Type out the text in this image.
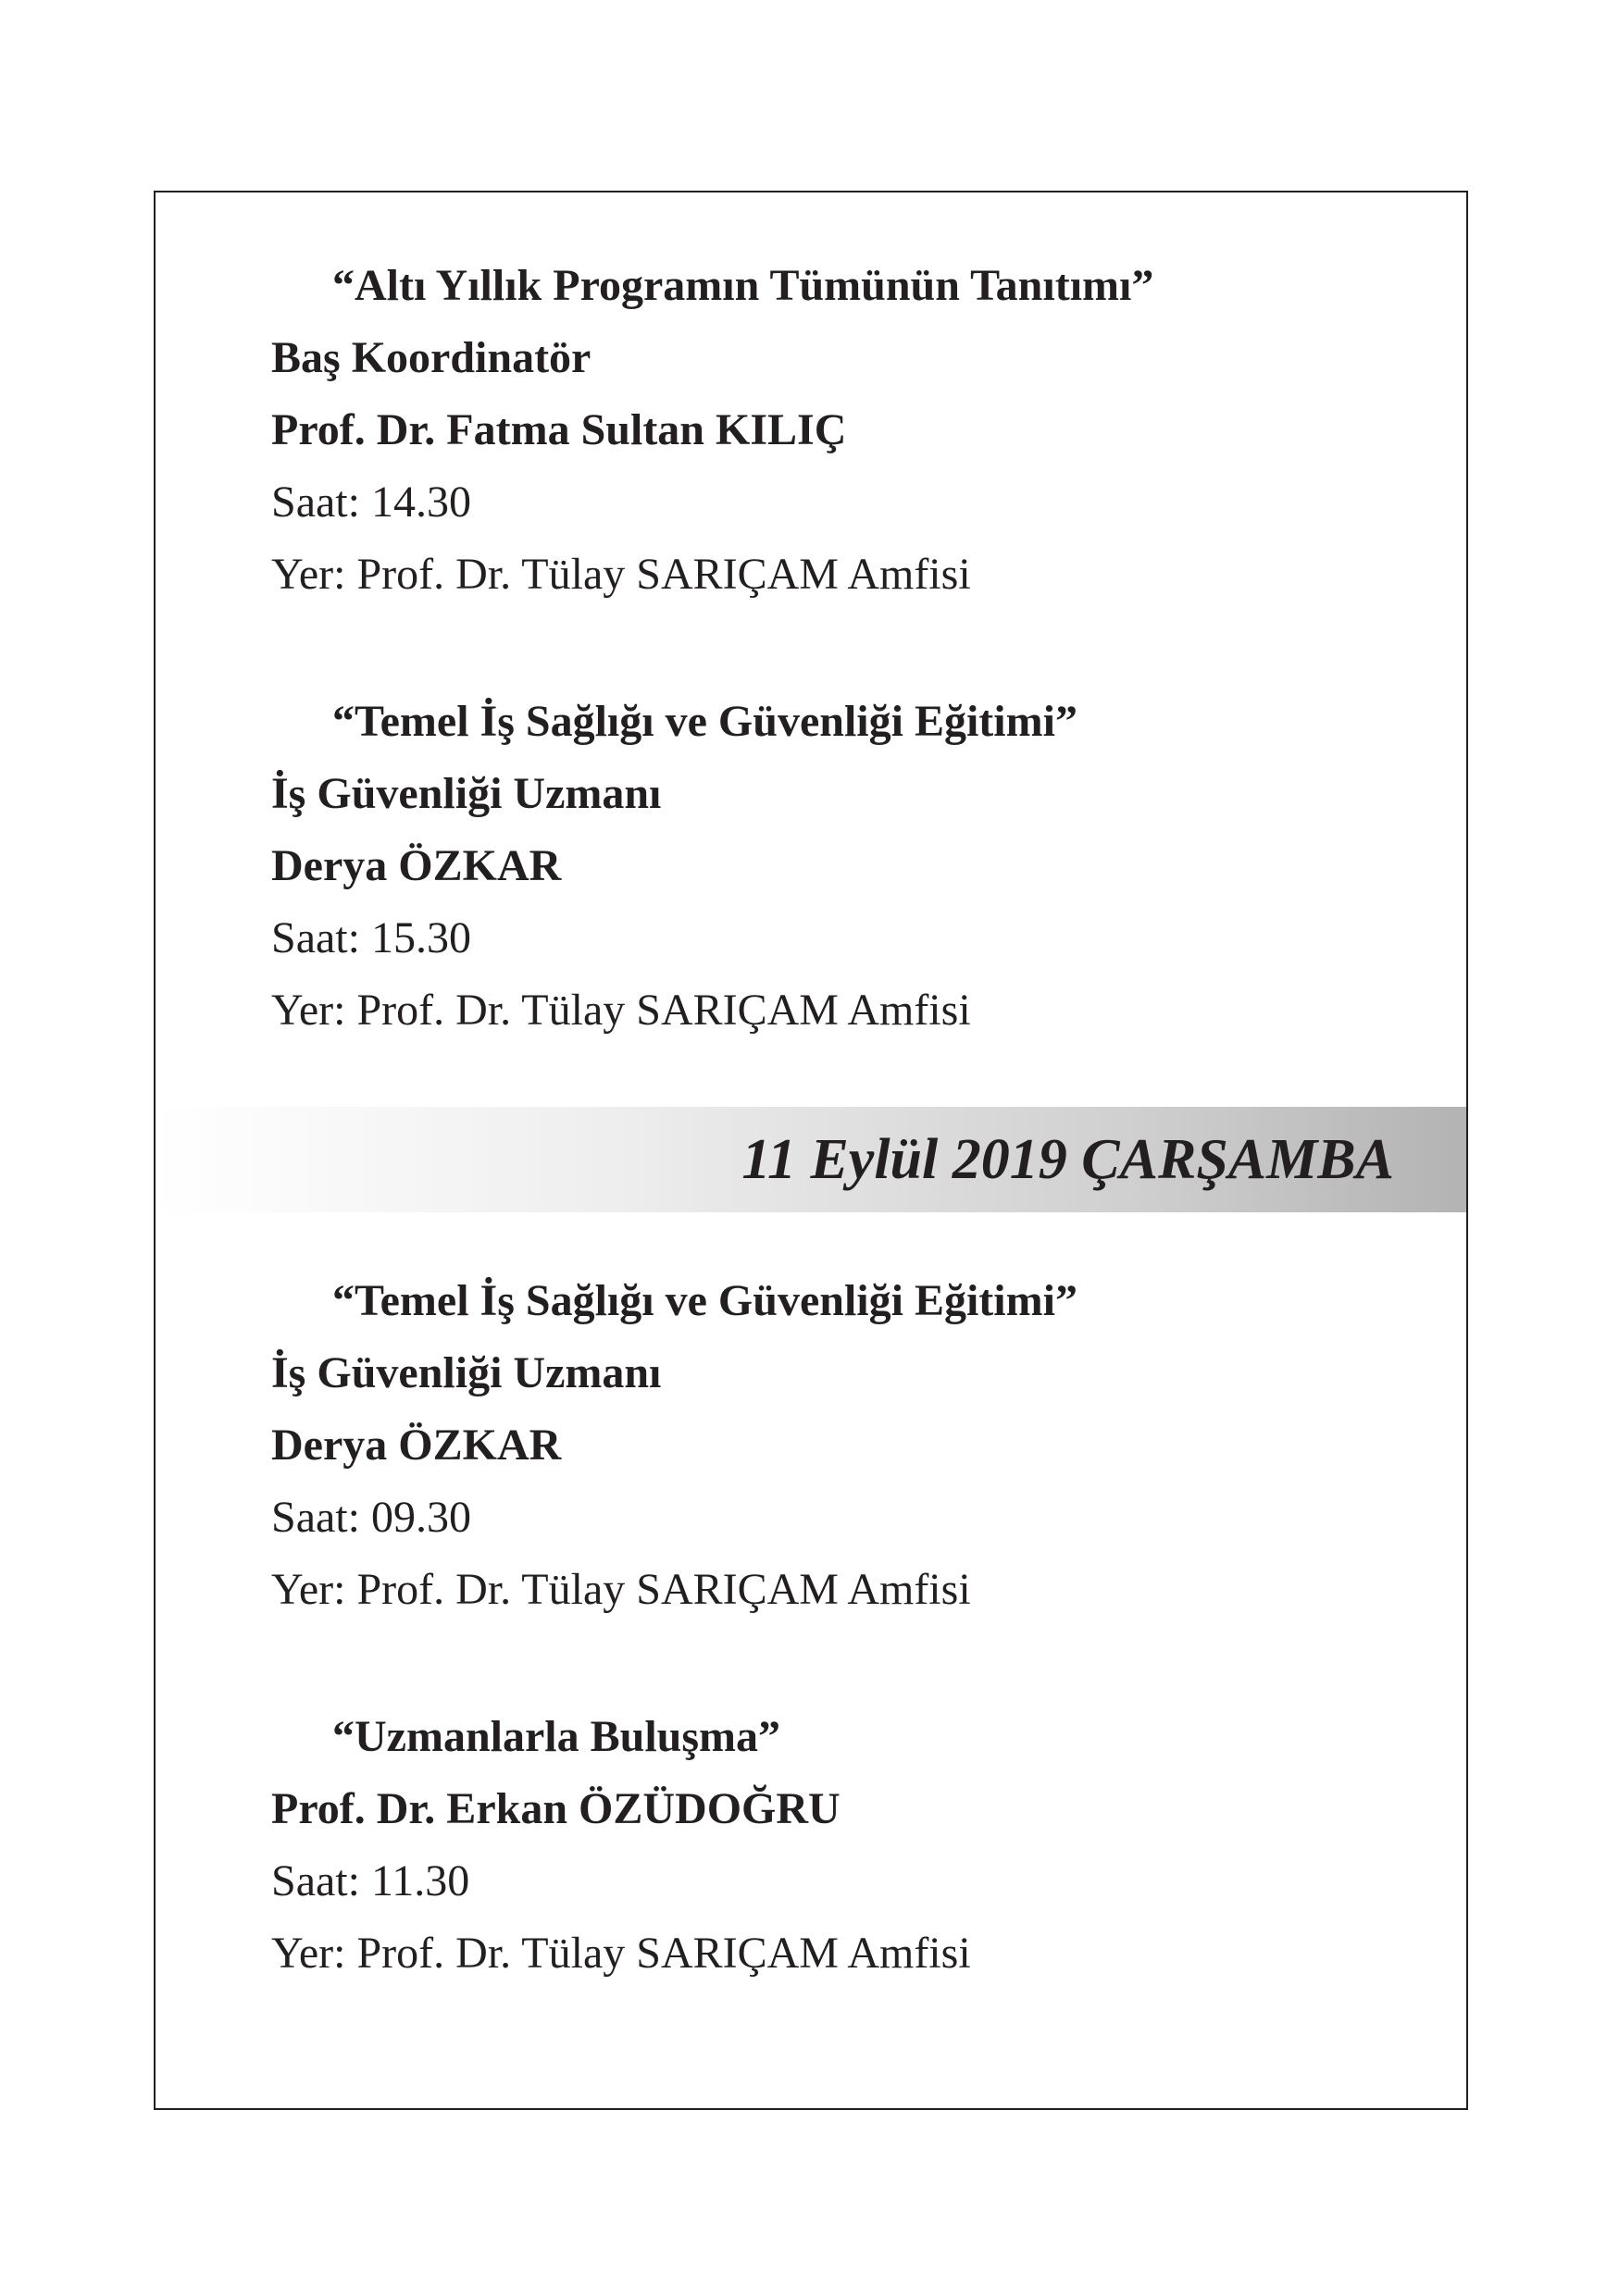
“Altı Yıllık Programın Tümünün Tanıtımı”
Baş Koordinatör
Prof. Dr. Fatma Sultan KILIÇ
Saat: 14.30
Yer: Prof. Dr. Tülay SARIÇAM Amfisi
“Temel İş Sağlığı ve Güvenliği Eğitimi”
İş Güvenliği Uzmanı
Derya ÖZKAR
Saat: 15.30
Yer: Prof. Dr. Tülay SARIÇAM Amfisi
11 Eylül 2019 ÇARŞAMBA
“Temel İş Sağlığı ve Güvenliği Eğitimi”
İş Güvenliği Uzmanı
Derya ÖZKAR
Saat: 09.30
Yer: Prof. Dr. Tülay SARIÇAM Amfisi
“Uzmanlarla Buluşma”
Prof. Dr. Erkan ÖZÜDOĞRU
Saat: 11.30
Yer: Prof. Dr. Tülay SARIÇAM Amfisi
